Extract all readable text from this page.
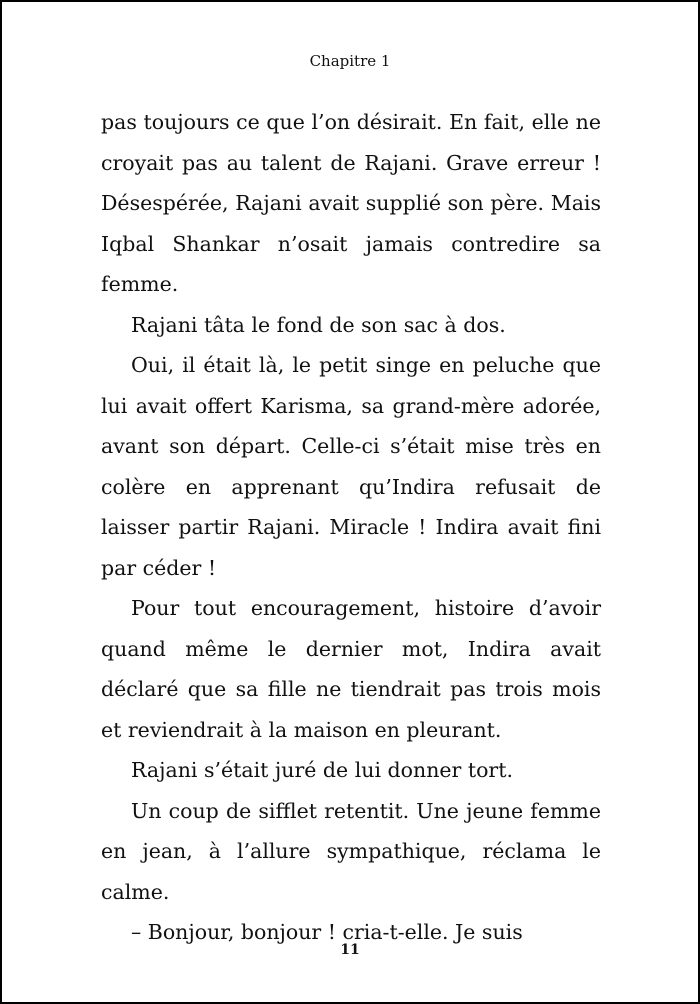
Chapitre 1

pas toujours ce que l’on désirait. En fait, elle ne croyait pas au talent de Rajani. Grave erreur ! Désespérée, Rajani avait supplié son père. Mais Iqbal Shankar n’osait jamais contredire sa femme.

Rajani tâta le fond de son sac à dos.

Oui, il était là, le petit singe en peluche que lui avait offert Karisma, sa grand-mère adorée, avant son départ. Celle-ci s’était mise très en colère en apprenant qu’Indira refusait de laisser partir Rajani. Miracle ! Indira avait fini par céder !

Pour tout encouragement, histoire d’avoir quand même le dernier mot, Indira avait déclaré que sa fille ne tiendrait pas trois mois et reviendrait à la maison en pleurant.

Rajani s’était juré de lui donner tort.

Un coup de sifflet retentit. Une jeune femme en jean, à l’allure sympathique, réclama le calme.

– Bonjour, bonjour ! cria-t-elle. Je suis

11
